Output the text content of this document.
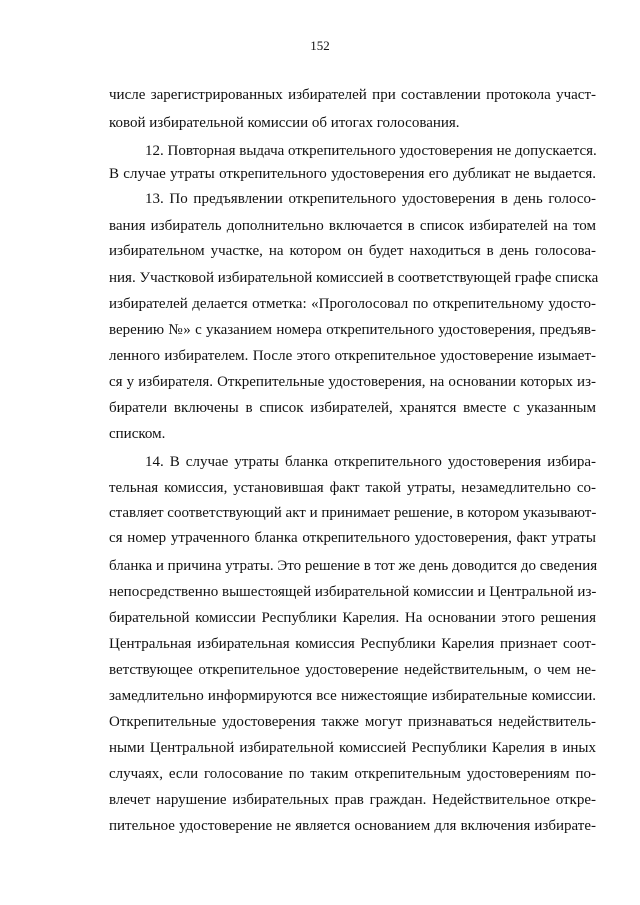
152
числе зарегистрированных избирателей при составлении протокола участ-
ковой избирательной комиссии об итогах голосования.
12. Повторная выдача открепительного удостоверения не допускается.
В случае утраты открепительного удостоверения его дубликат не выдается.
13. По предъявлении открепительного удостоверения в день голосо-
вания избиратель дополнительно включается в список избирателей на том
избирательном участке, на котором он будет находиться в день голосова-
ния. Участковой избирательной комиссией в соответствующей графе списка
избирателей делается отметка: «Проголосовал по открепительному удосто-
верению №» с указанием номера открепительного удостоверения, предъяв-
ленного избирателем. После этого открепительное удостоверение изымает-
ся у избирателя. Открепительные удостоверения, на основании которых из-
биратели включены в список избирателей, хранятся вместе с указанным
списком.
14. В случае утраты бланка открепительного удостоверения избира-
тельная комиссия, установившая факт такой утраты, незамедлительно со-
ставляет соответствующий акт и принимает решение, в котором указывают-
ся номер утраченного бланка открепительного удостоверения, факт утраты
бланка и причина утраты. Это решение в тот же день доводится до сведения
непосредственно вышестоящей избирательной комиссии и Центральной из-
бирательной комиссии Республики Карелия. На основании этого решения
Центральная избирательная комиссия Республики Карелия признает соот-
ветствующее открепительное удостоверение недействительным, о чем не-
замедлительно информируются все нижестоящие избирательные комиссии.
Открепительные удостоверения также могут признаваться недействитель-
ными Центральной избирательной комиссией Республики Карелия в иных
случаях, если голосование по таким открепительным удостоверениям по-
влечет нарушение избирательных прав граждан. Недействительное откре-
пительное удостоверение не является основанием для включения избирате-
